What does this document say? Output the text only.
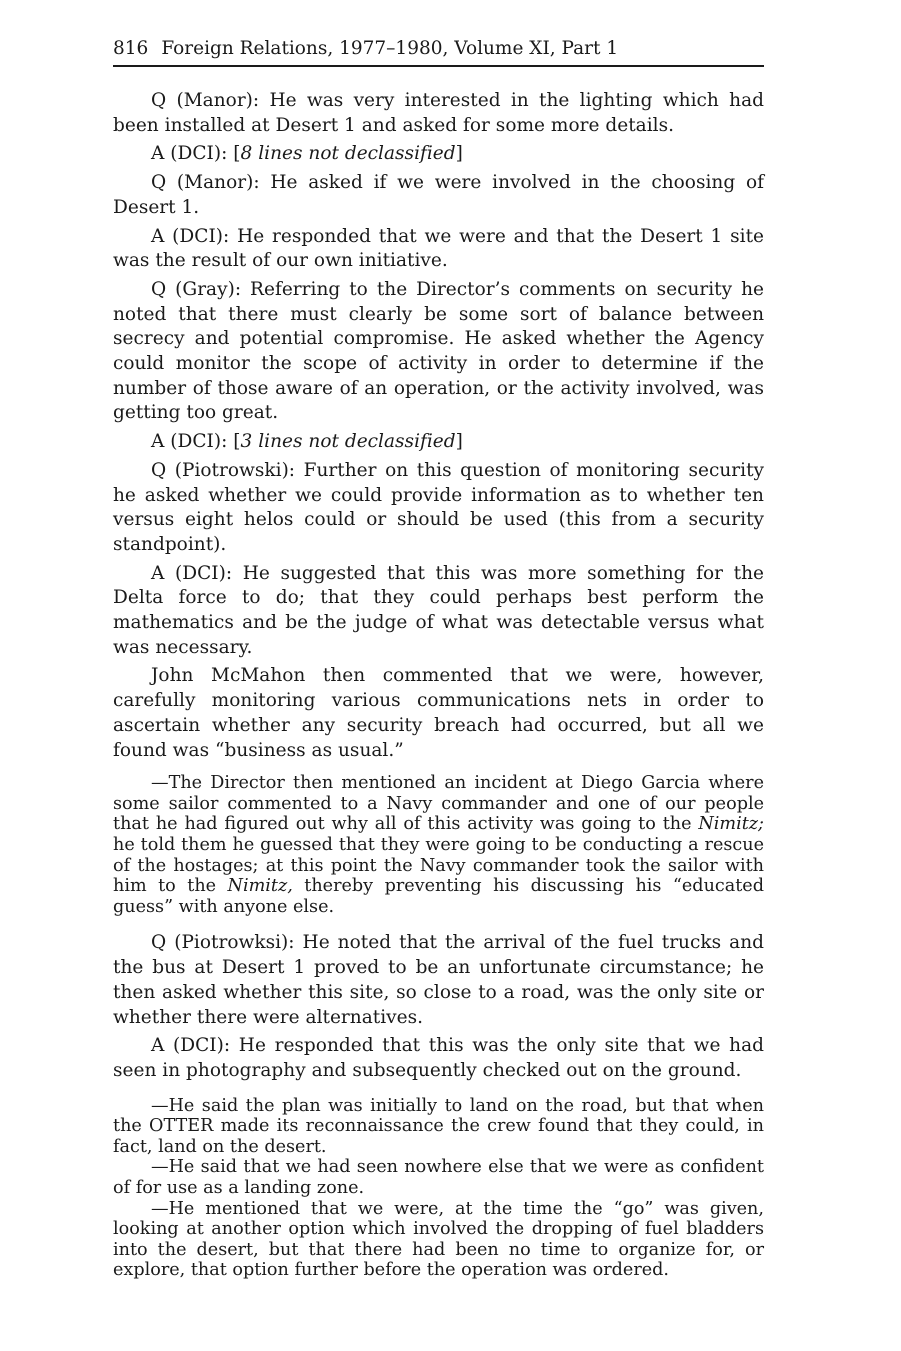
816 Foreign Relations, 1977–1980, Volume XI, Part 1

Q (Manor): He was very interested in the lighting which had been installed at Desert 1 and asked for some more details.

A (DCI): [8 lines not declassified]

Q (Manor): He asked if we were involved in the choosing of Desert 1.

A (DCI): He responded that we were and that the Desert 1 site was the result of our own initiative.

Q (Gray): Referring to the Director’s comments on security he noted that there must clearly be some sort of balance between secrecy and potential compromise. He asked whether the Agency could monitor the scope of activity in order to determine if the number of those aware of an operation, or the activity involved, was getting too great.

A (DCI): [3 lines not declassified]

Q (Piotrowski): Further on this question of monitoring security he asked whether we could provide information as to whether ten versus eight helos could or should be used (this from a security standpoint).

A (DCI): He suggested that this was more something for the Delta force to do; that they could perhaps best perform the mathematics and be the judge of what was detectable versus what was necessary.

John McMahon then commented that we were, however, carefully monitoring various communications nets in order to ascertain whether any security breach had occurred, but all we found was “business as usual.”

—The Director then mentioned an incident at Diego Garcia where some sailor commented to a Navy commander and one of our people that he had figured out why all of this activity was going to the Nimitz; he told them he guessed that they were going to be conducting a rescue of the hostages; at this point the Navy commander took the sailor with him to the Nimitz, thereby preventing his discussing his “educated guess” with anyone else.

Q (Piotrowksi): He noted that the arrival of the fuel trucks and the bus at Desert 1 proved to be an unfortunate circumstance; he then asked whether this site, so close to a road, was the only site or whether there were alternatives.

A (DCI): He responded that this was the only site that we had seen in photography and subsequently checked out on the ground.

—He said the plan was initially to land on the road, but that when the OTTER made its reconnaissance the crew found that they could, in fact, land on the desert.

—He said that we had seen nowhere else that we were as confident of for use as a landing zone.

—He mentioned that we were, at the time the “go” was given, looking at another option which involved the dropping of fuel bladders into the desert, but that there had been no time to organize for, or explore, that option further before the operation was ordered.
